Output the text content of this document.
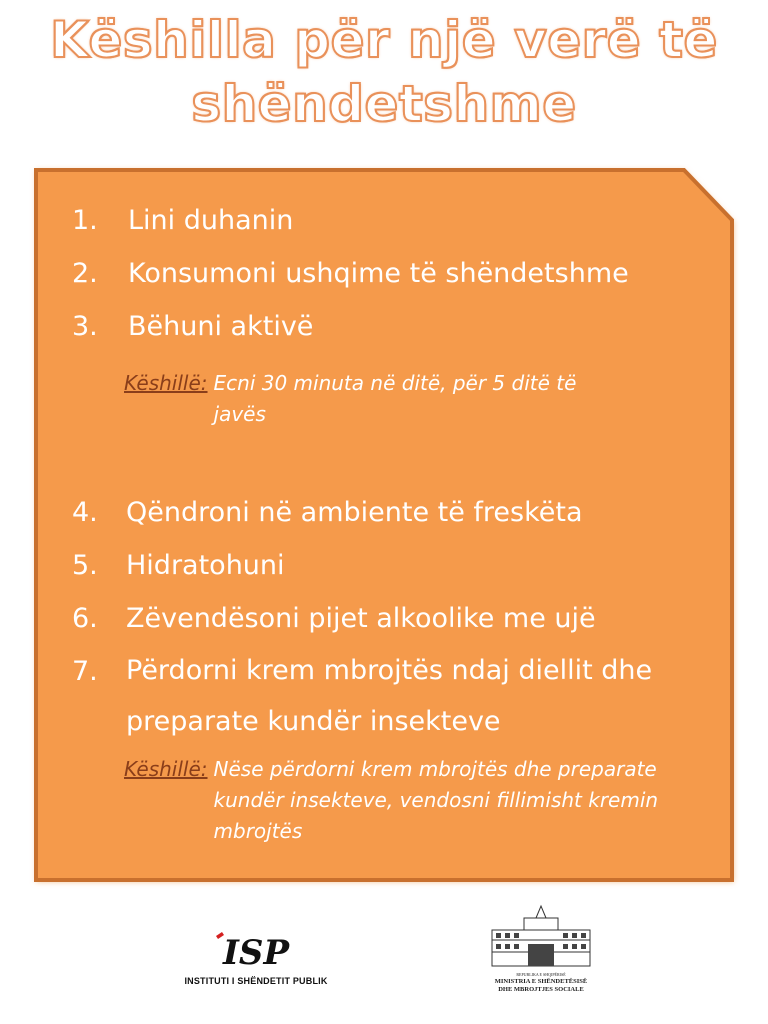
Këshilla për një verë të
shëndetshme
1. Lini duhanin
2. Konsumoni ushqime të shëndetshme
3. Bëhuni aktivë
Këshillë: Ecni 30 minuta në ditë, për 5 ditë të javës
4. Qëndroni në ambiente të freskëta
5. Hidratohuni
6. Zëvendësoni pijet alkoolike me ujë
7. Përdorni krem mbrojtës ndaj diellit dhe preparate kundër insekteve
Këshillë: Nëse përdorni krem mbrojtës dhe preparate kundër insekteve, vendosni fillimisht kremin mbrojtës
ISP
INSTITUTI I SHËNDETIT PUBLIK
REPUBLIKA E SHQIPËRISË
MINISTRIA E SHËNDETËSISË
DHE MBROJTJES SOCIALE
